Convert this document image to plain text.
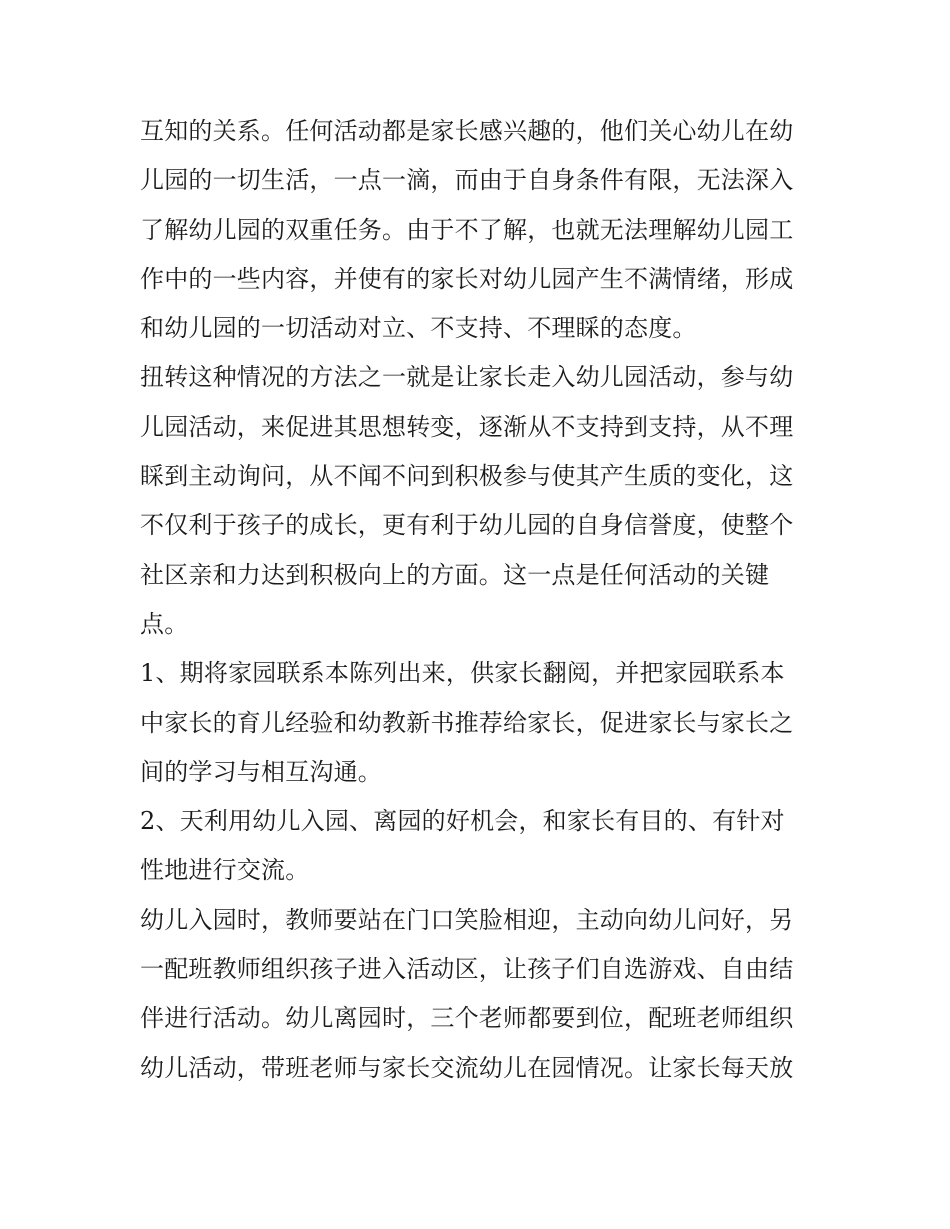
互知的关系。任何活动都是家长感兴趣的，他们关心幼儿在幼
儿园的一切生活，一点一滴，而由于自身条件有限，无法深入
了解幼儿园的双重任务。由于不了解，也就无法理解幼儿园工
作中的一些内容，并使有的家长对幼儿园产生不满情绪，形成
和幼儿园的一切活动对立、不支持、不理睬的态度。
扭转这种情况的方法之一就是让家长走入幼儿园活动，参与幼
儿园活动，来促进其思想转变，逐渐从不支持到支持，从不理
睬到主动询问，从不闻不问到积极参与使其产生质的变化，这
不仅利于孩子的成长，更有利于幼儿园的自身信誉度，使整个
社区亲和力达到积极向上的方面。这一点是任何活动的关键
点。
1、期将家园联系本陈列出来，供家长翻阅，并把家园联系本
中家长的育儿经验和幼教新书推荐给家长，促进家长与家长之
间的学习与相互沟通。
2、天利用幼儿入园、离园的好机会，和家长有目的、有针对
性地进行交流。
幼儿入园时，教师要站在门口笑脸相迎，主动向幼儿问好，另
一配班教师组织孩子进入活动区，让孩子们自选游戏、自由结
伴进行活动。幼儿离园时，三个老师都要到位，配班老师组织
幼儿活动，带班老师与家长交流幼儿在园情况。让家长每天放
